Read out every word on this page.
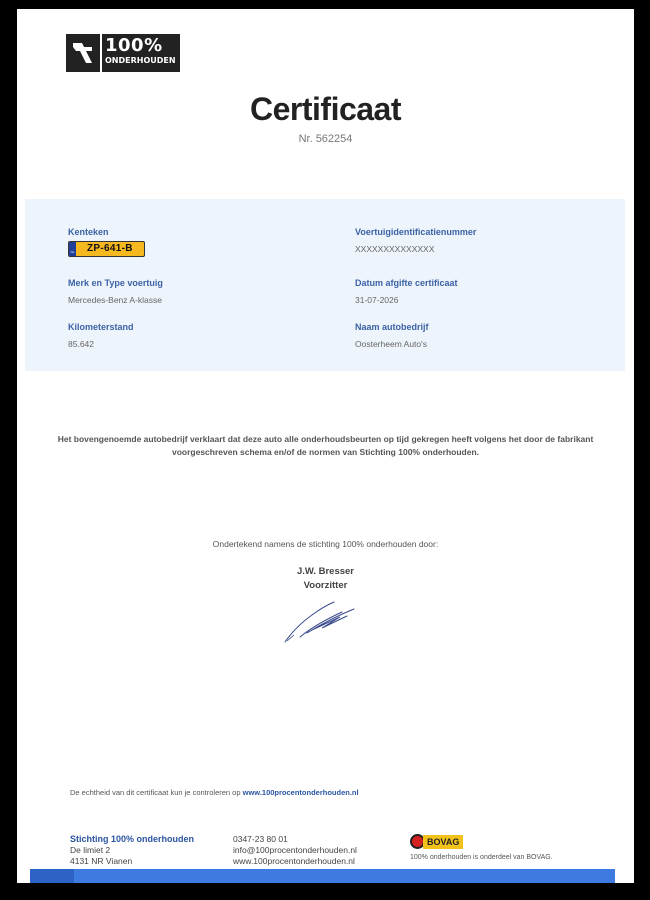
100%
ONDERHOUDEN
Certificaat
Nr. 562254
Kenteken
NL	ZP-641-B
Voertuigidentificatienummer
XXXXXXXXXXXXXX
Merk en Type voertuig
Mercedes-Benz A-klasse
Datum afgifte certificaat
31-07-2026
Kilometerstand
85.642
Naam autobedrijf
Oosterheem Auto's
Het bovengenoemde autobedrijf verklaart dat deze auto alle onderhoudsbeurten op tijd gekregen heeft volgens het door de fabrikant
voorgeschreven schema en/of de normen van Stichting 100% onderhouden.
Ondertekend namens de stichting 100% onderhouden door:
J.W. Bresser
Voorzitter
De echtheid van dit certificaat kun je controleren op www.100procentonderhouden.nl
Stichting 100% onderhouden
De limiet 2
4131 NR Vianen
0347-23 80 01
info@100procentonderhouden.nl
www.100procentonderhouden.nl
BOVAG
100% onderhouden is onderdeel van BOVAG.
